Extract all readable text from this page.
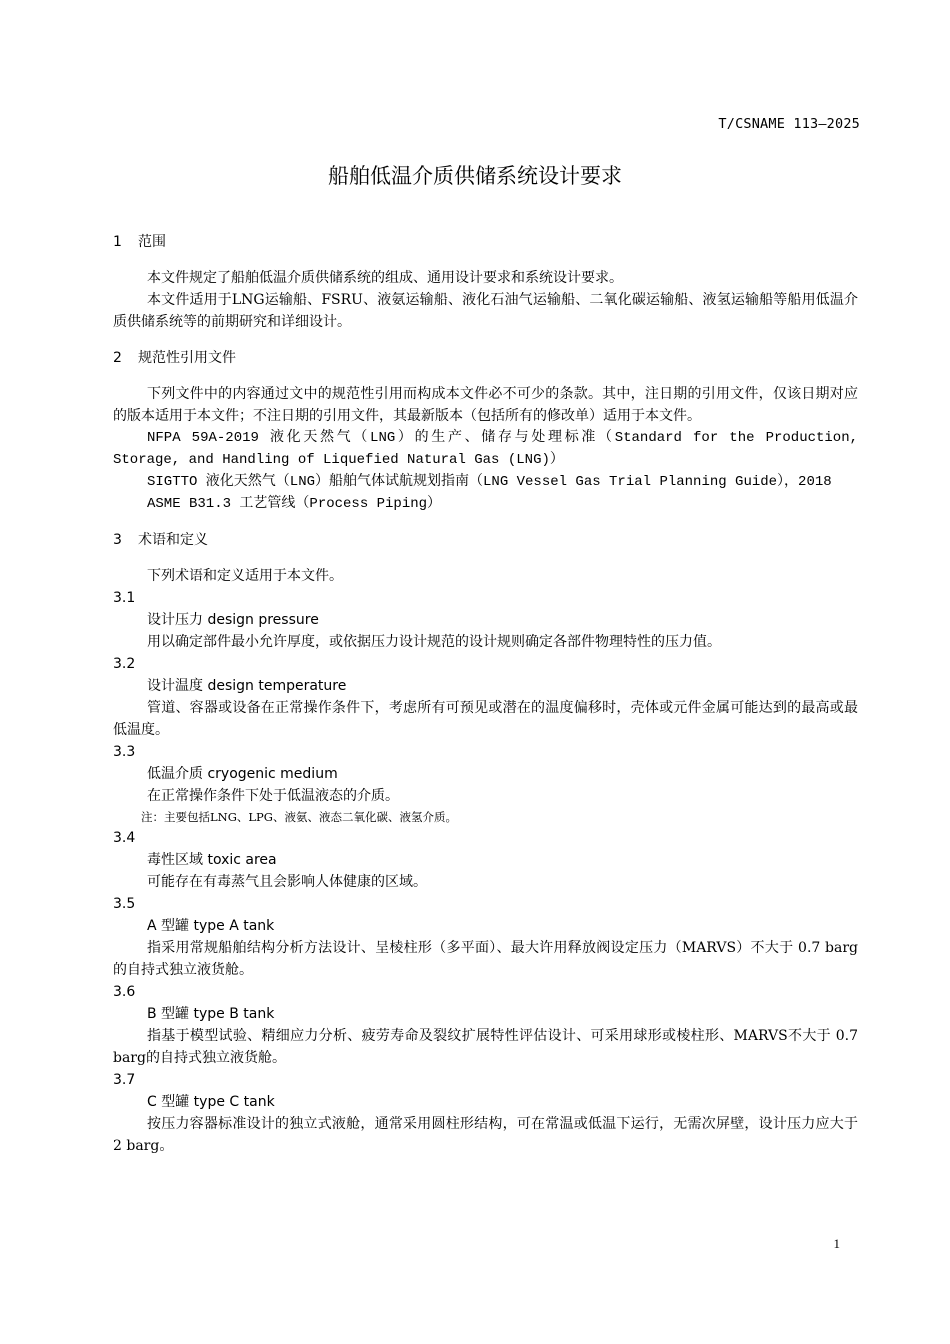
T/CSNAME 113—2025
船舶低温介质供储系统设计要求
1 范围

本文件规定了船舶低温介质供储系统的组成、通用设计要求和系统设计要求。

本文件适用于LNG运输船、FSRU、液氨运输船、液化石油气运输船、二氧化碳运输船、液氢运输船等船用低温介质供储系统等的前期研究和详细设计。

2 规范性引用文件

下列文件中的内容通过文中的规范性引用而构成本文件必不可少的条款。其中，注日期的引用文件，仅该日期对应的版本适用于本文件；不注日期的引用文件，其最新版本（包括所有的修改单）适用于本文件。

NFPA 59A-2019 液化天然气（LNG）的生产、储存与处理标准（Standard for the Production, Storage, and Handling of Liquefied Natural Gas (LNG)）

SIGTTO 液化天然气（LNG）船舶气体试航规划指南（LNG Vessel Gas Trial Planning Guide），2018

ASME B31.3 工艺管线（Process Piping）

3 术语和定义

下列术语和定义适用于本文件。

3.1

设计压力 design pressure

用以确定部件最小允许厚度，或依据压力设计规范的设计规则确定各部件物理特性的压力值。

3.2

设计温度 design temperature

管道、容器或设备在正常操作条件下，考虑所有可预见或潜在的温度偏移时，壳体或元件金属可能达到的最高或最低温度。

3.3

低温介质 cryogenic medium

在正常操作条件下处于低温液态的介质。

注：主要包括LNG、LPG、液氨、液态二氧化碳、液氢介质。

3.4

毒性区域 toxic area

可能存在有毒蒸气且会影响人体健康的区域。

3.5

A 型罐 type A tank

指采用常规船舶结构分析方法设计、呈棱柱形（多平面）、最大许用释放阀设定压力（MARVS）不大于 0.7 barg的自持式独立液货舱。

3.6

B 型罐 type B tank

指基于模型试验、精细应力分析、疲劳寿命及裂纹扩展特性评估设计、可采用球形或棱柱形、MARVS不大于 0.7 barg的自持式独立液货舱。

3.7

C 型罐 type C tank

按压力容器标准设计的独立式液舱，通常采用圆柱形结构，可在常温或低温下运行，无需次屏壁，设计压力应大于 2 barg。

1
